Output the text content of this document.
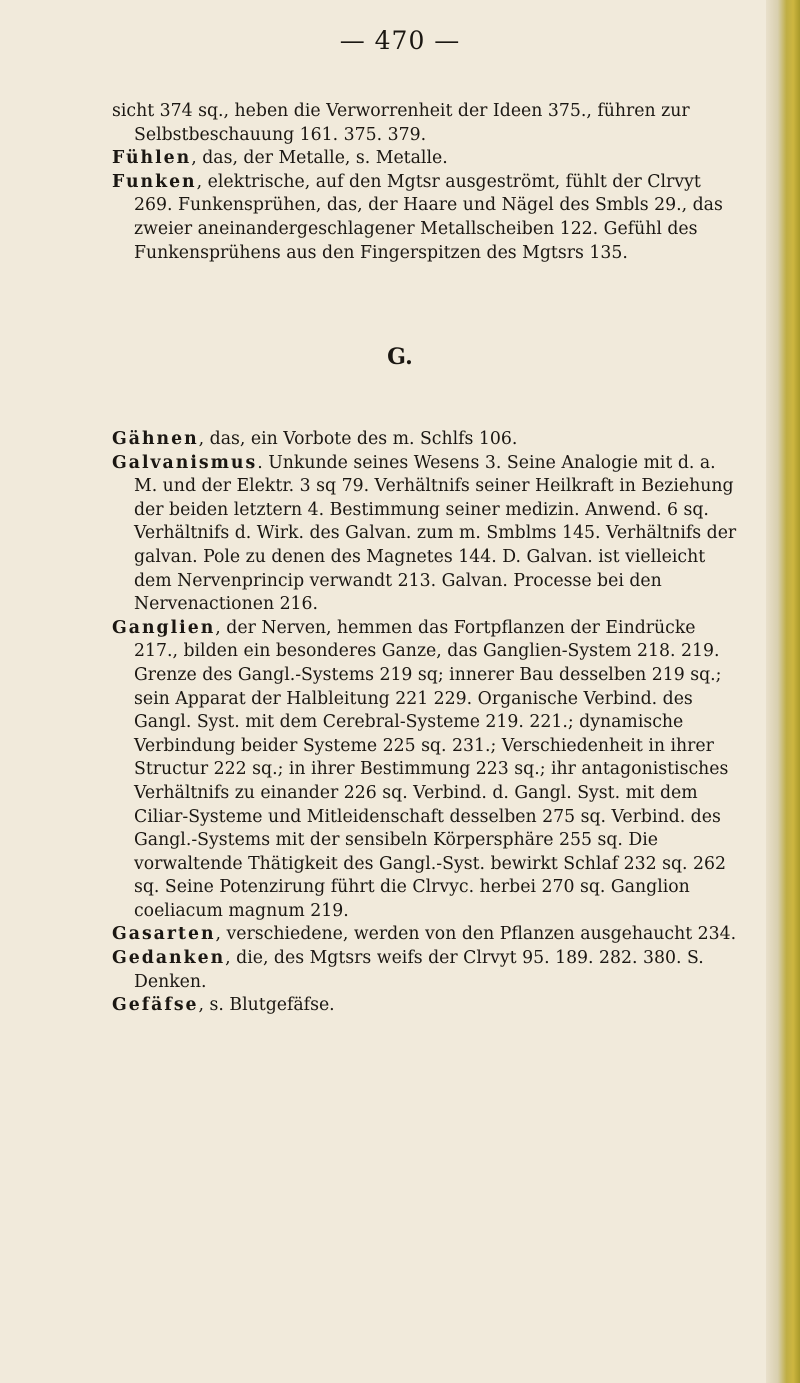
— 470 —

sicht 374 sq., heben die Verworrenheit der Ideen 375., führen zur Selbstbeschauung 161. 375. 379.

Fühlen, das, der Metalle, s. Metalle.

Funken, elektrische, auf den Mgtsr ausgeströmt, fühlt der Clrvyt 269. Funkensprühen, das, der Haare und Nägel des Smbls 29., das zweier aneinandergeschlagener Metallscheiben 122. Gefühl des Funkensprühens aus den Fingerspitzen des Mgtsrs 135.

G.

Gähnen, das, ein Vorbote des m. Schlfs 106.

Galvanismus. Unkunde seines Wesens 3. Seine Analogie mit d. a. M. und der Elektr. 3 sq 79. Verhältnifs seiner Heilkraft in Beziehung der beiden letztern 4. Bestimmung seiner medizin. Anwend. 6 sq. Verhältnifs d. Wirk. des Galvan. zum m. Smblms 145. Verhältnifs der galvan. Pole zu denen des Magnetes 144. D. Galvan. ist vielleicht dem Nervenprincip verwandt 213. Galvan. Processe bei den Nervenactionen 216.

Ganglien, der Nerven, hemmen das Fortpflanzen der Eindrücke 217., bilden ein besonderes Ganze, das Ganglien-System 218. 219. Grenze des Gangl.-Systems 219 sq; innerer Bau desselben 219 sq.; sein Apparat der Halbleitung 221 229. Organische Verbind. des Gangl. Syst. mit dem Cerebral-Systeme 219. 221.; dynamische Verbindung beider Systeme 225 sq. 231.; Verschiedenheit in ihrer Structur 222 sq.; in ihrer Bestimmung 223 sq.; ihr antagonistisches Verhältnifs zu einander 226 sq. Verbind. d. Gangl. Syst. mit dem Ciliar-Systeme und Mitleidenschaft desselben 275 sq. Verbind. des Gangl.-Systems mit der sensibeln Körpersphäre 255 sq. Die vorwaltende Thätigkeit des Gangl.-Syst. bewirkt Schlaf 232 sq. 262 sq. Seine Potenzirung führt die Clrvyc. herbei 270 sq. Ganglion coeliacum magnum 219.

Gasarten, verschiedene, werden von den Pflanzen ausgehaucht 234.

Gedanken, die, des Mgtsrs weifs der Clrvyt 95. 189. 282. 380. S. Denken.

Gefäfse, s. Blutgefäfse.
